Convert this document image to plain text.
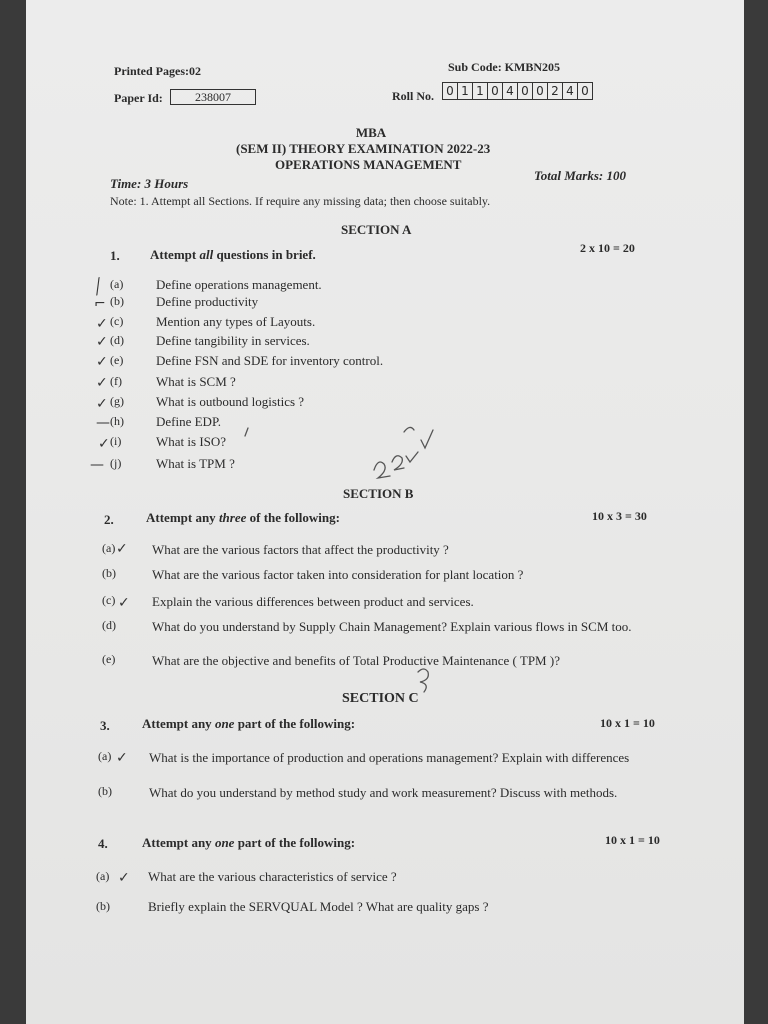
Printed Pages:02	Sub Code: KMBN205
Paper Id:	238007	Roll No. 0 1 1 0 4 0 0 2 4 0
MBA
(SEM II) THEORY EXAMINATION 2022-23
OPERATIONS MANAGEMENT
Time: 3 Hours
Total Marks: 100
Note: 1. Attempt all Sections. If require any missing data; then choose suitably.
SECTION A
1. Attempt all questions in brief.	2 x 10 = 20
(a)	Define operations management.
(b) Define productivity
(c)	Mention any types of Layouts.
(d) Define tangibility in services.
(e)	Define FSN and SDE for inventory control.
(f)	What is SCM ?
(g) What is outbound logistics ?
(h) Define EDP.
(i)	What is ISO?
(j)	What is TPM ?
SECTION B
2. Attempt any three of the following:	10 x 3 = 30
(a)	What are the various factors that affect the productivity ?
(b)	What are the various factor taken into consideration for plant location ?
(c)	Explain the various differences between product and services.
(d)	What do you understand by Supply Chain Management? Explain various flows in SCM too.
(e)	What are the objective and benefits of Total Productive Maintenance ( TPM )?
SECTION C
3. Attempt any one part of the following:	10 x 1 = 10
(a)	What is the importance of production and operations management? Explain with differences
(b)	What do you understand by method study and work measurement? Discuss with methods.
4.	Attempt any one part of the following:	10 x 1 = 10
(a)	What are the various characteristics of service ?
(b)	Briefly explain the SERVQUAL Model ? What are quality gaps ?
╱
⌐
✓
✓
✓
✓
✓
—
✓
—
✓
✓
✓
✓
